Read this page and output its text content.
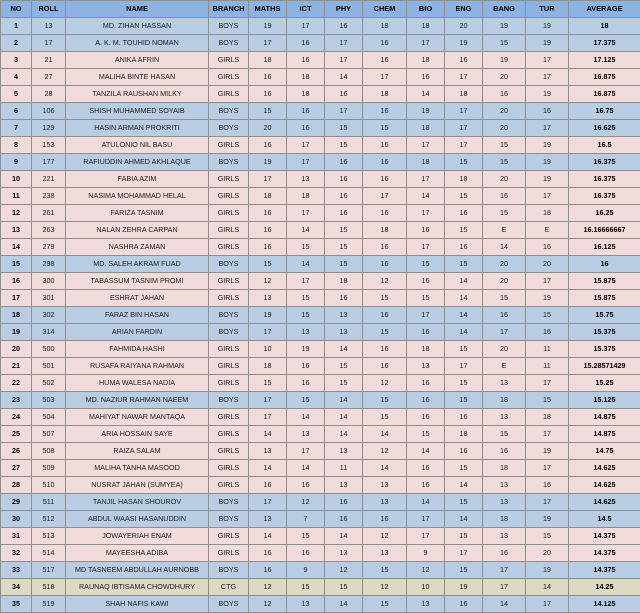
NO	ROLL	NAME	BRANCH	MATHS	ICT	PHY	CHEM	BIO	ENG	BANG	TUR	AVERAGE
1	13	MD. ZIHAN HASSAN	BOYS	19	17	16	18	18	20	19	19	18
2	17	A. K. M. TOUHID NOMAN	BOYS	17	16	17	16	17	19	15	19	17.375
3	21	ANIKA AFRIN	GIRLS	18	16	17	16	18	16	19	17	17.125
4	27	MALIHA BINTE HASAN	GIRLS	16	18	14	17	16	17	20	17	16.875
5	28	TANZILA RAUSHAN MILKY	GIRLS	16	18	16	18	14	18	16	19	16.875
6	106	SHISH MUHAMMED SOYAIB	BOYS	15	16	17	16	19	17	20	16	16.75
7	129	HASIN ARMAN PROKRITI	BOYS	20	16	15	15	18	17	20	17	16.625
8	153	ATULONIO NIL BASU	GIRLS	16	17	15	16	17	17	15	19	16.5
9	177	RAFIUDDIN AHMED AKHLAQUE	BOYS	19	17	16	16	18	15	15	19	16.375
10	221	FABIA AZIM	GIRLS	17	13	16	16	17	18	20	19	16.375
11	238	NASIMA MOHAMMAD HELAL	GIRLS	18	18	16	17	14	15	16	17	16.375
12	261	FARIZA TASNIM	GIRLS	16	17	16	16	17	16	15	18	16.25
13	263	NALAN ZEHRA CARPAN	GIRLS	16	14	15	18	16	15	E	E	16.16666667
14	279	NASHRA ZAMAN	GIRLS	16	15	15	16	17	16	14	16	16.125
15	298	MD. SALEH AKRAM FUAD	BOYS	15	14	15	16	15	15	20	20	16
16	300	TABASSUM TASNIM PROMI	GIRLS	12	17	18	12	16	14	20	17	15.875
17	301	ESHRAT JAHAN	GIRLS	13	15	16	15	15	14	15	19	15.875
18	302	FARAZ BIN HASAN	BOYS	19	15	13	16	17	14	16	15	15.75
19	314	ARIAN FARDIN	BOYS	17	13	13	15	16	14	17	16	15.375
20	500	FAHMIDA HASHI	GIRLS	10	19	14	16	18	15	20	11	15.375
21	501	RUSAFA RAIYANA RAHMAN	GIRLS	18	16	15	16	13	17	E	11	15.28571429
22	502	HUMA WALESA NADIA	GIRLS	15	16	15	12	16	15	13	17	15.25
23	503	MD. NAZIUR RAHMAN NAEEM	BOYS	17	15	14	15	16	15	18	15	15.125
24	504	MAHIYAT NAWAR MANTAQA	GIRLS	17	14	14	15	16	16	13	18	14.875
25	507	ARIA HOSSAIN SAYE	GIRLS	14	13	14	14	15	18	15	17	14.875
26	508	RAIZA SALAM	GIRLS	13	17	13	12	14	16	16	19	14.75
27	509	MALIHA TANHA MASOOD	GIRLS	14	14	11	14	16	15	18	17	14.625
28	510	NUSRAT JAHAN (SUMYEA)	GIRLS	16	16	13	13	16	14	13	16	14.625
29	511	TANJIL HASAN SHOUROV	BOYS	17	12	16	13	14	15	13	17	14.625
30	512	ABDUL WAASI HASANUDDIN	BOYS	13	7	16	16	17	14	18	19	14.5
31	513	JOWAYERIAH ENAM	GIRLS	14	15	14	12	17	15	13	15	14.375
32	514	MAYEESHA ADIBA	GIRLS	16	16	13	13	9	17	16	20	14.375
33	517	MD TASNEEM ABDULLAH AURNOBB	BOYS	16	9	12	15	12	15	17	19	14.375
34	518	RAUNAQ IBTISAMA CHOWDHURY	CTG	12	15	15	12	10	19	17	14	14.25
35	519	SHAH NAFIS KAWI	BOYS	12	13	14	15	13	16	14	17	14.125
